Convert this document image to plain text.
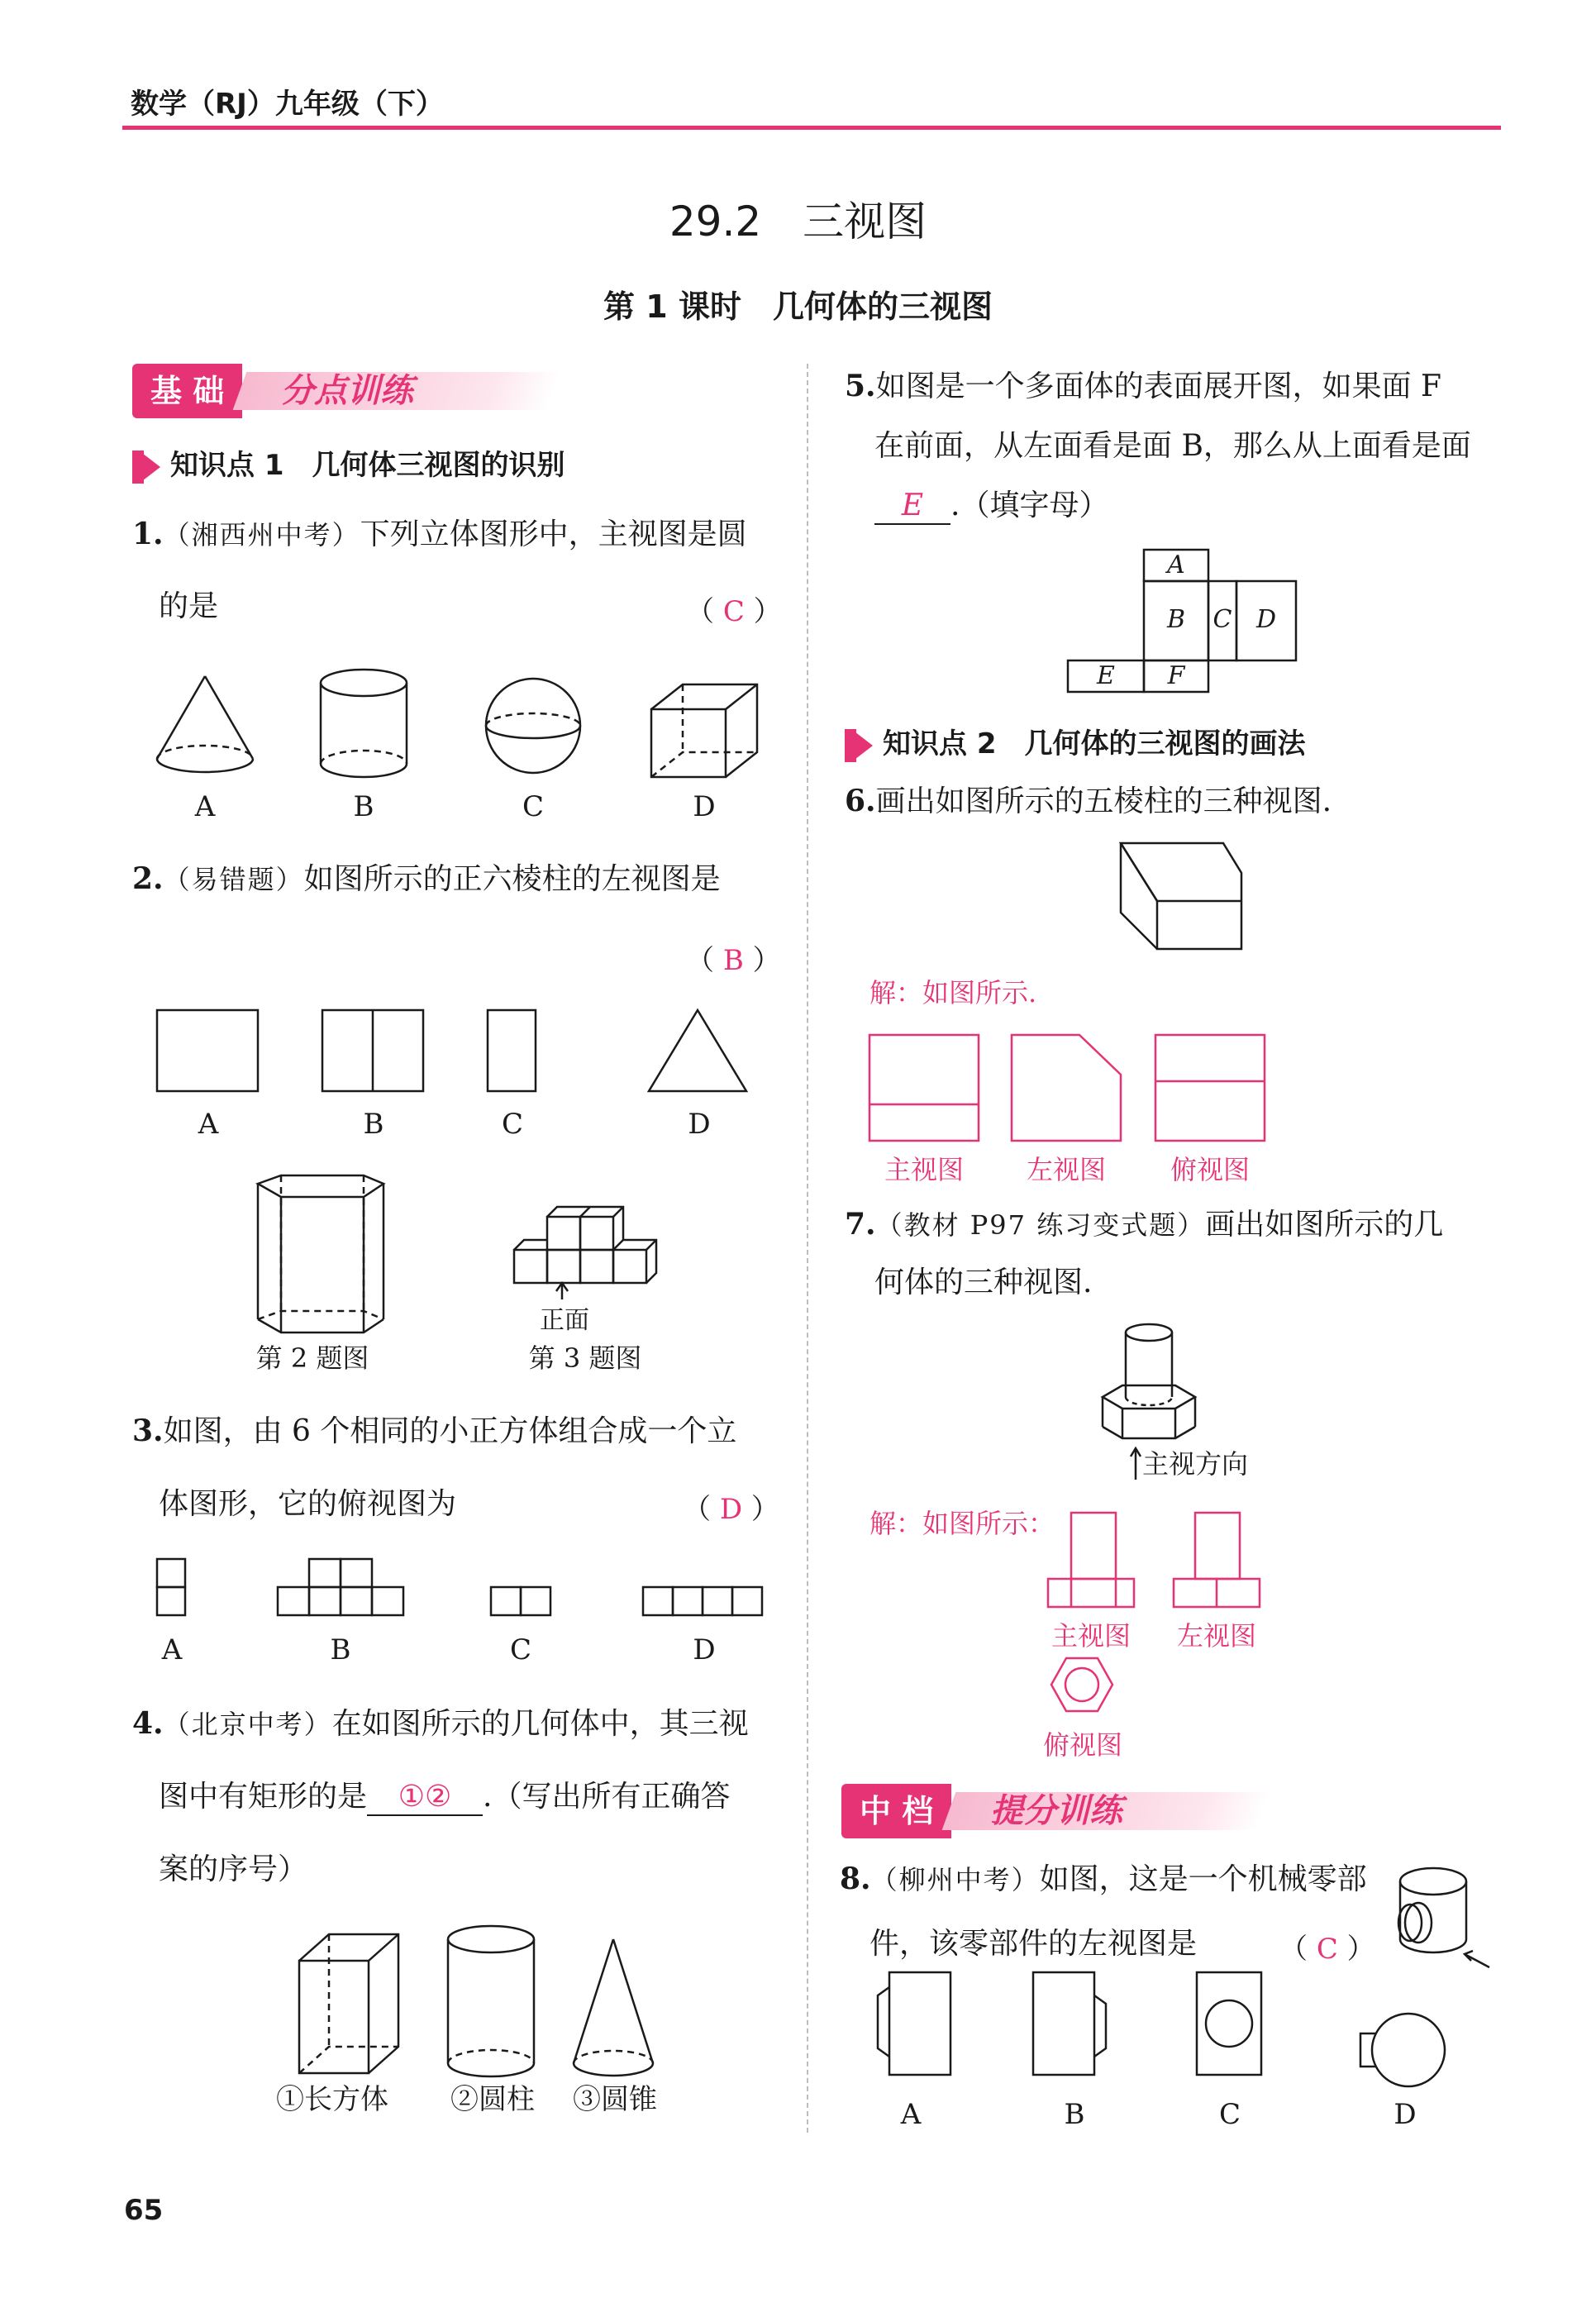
数学（RJ）九年级（下）
29.2　三视图
第 1 课时　几何体的三视图
基 础	分点训练
知识点 1　几何体三视图的识别
1.（湘西州中考）下列立体图形中，主视图是圆
的是	（ C ）
A	B	C	D
2.（易错题）如图所示的正六棱柱的左视图是
（ B ）
A	B	C	D
正面
第 2 题图	第 3 题图
3.如图，由 6 个相同的小正方体组合成一个立
体图形，它的俯视图为	（ D ）
A	B	C	D
4.（北京中考）在如图所示的几何体中，其三视
图中有矩形的是 ①② .（写出所有正确答
案的序号）
①长方体	②圆柱	③圆锥
5.如图是一个多面体的表面展开图，如果面 F
在前面，从左面看是面 B，那么从上面看是面
E .（填字母）
A
B	C D
E	F
知识点 2　几何体的三视图的画法
6.画出如图所示的五棱柱的三种视图.
解：如图所示.
主视图	左视图	俯视图
7.（教材 P97 练习变式题）画出如图所示的几
何体的三种视图.
主视方向
解：如图所示：
主视图	左视图
俯视图
中 档	提分训练
8.（柳州中考）如图，这是一个机械零部
件，该零部件的左视图是	（ C ）
A	B	C	D
65
